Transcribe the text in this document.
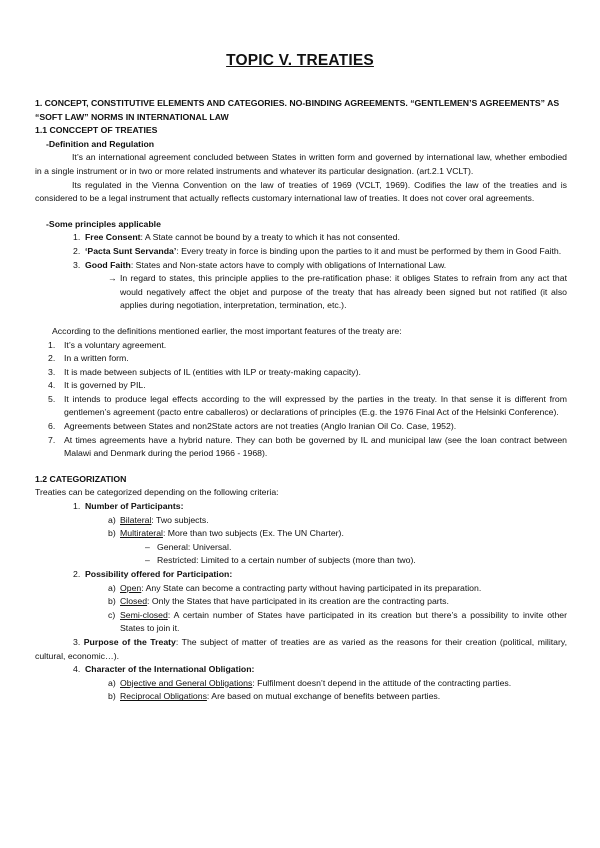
TOPIC V. TREATIES

1. CONCEPT, CONSTITUTIVE ELEMENTS AND CATEGORIES. NO-BINDING AGREEMENTS. “GENTLEMEN’S AGREEMENTS” AS “SOFT LAW” NORMS IN INTERNATIONAL LAW

1.1 CONCCEPT OF TREATIES

-Definition and Regulation

It’s an international agreement concluded between States in written form and governed by international law, whether embodied in a single instrument or in two or more related instruments and whatever its particular designation. (art.2.1 VCLT).

Its regulated in the Vienna Convention on the law of treaties of 1969 (VCLT, 1969). Codifies the law of the treaties and is considered to be a legal instrument that actually reflects customary international law of treaties. It does not cover oral agreements.

-Some principles applicable

1. Free Consent: A State cannot be bound by a treaty to which it has not consented.
2. ‘Pacta Sunt Servanda’: Every treaty in force is binding upon the parties to it and must be performed by them in Good Faith.
3. Good Faith: States and Non-state actors have to comply with obligations of International Law.
→ In regard to states, this principle applies to the pre-ratification phase: it obliges States to refrain from any act that would negatively affect the objet and purpose of the treaty that has already been signed but not ratified (it also applies during negotiation, interpretation, termination, etc.).

According to the definitions mentioned earlier, the most important features of the treaty are:

1.	It’s a voluntary agreement.
2.	In a written form.
3.	It is made between subjects of IL (entities with ILP or treaty-making capacity).
4.	It is governed by PIL.
5.	It intends to produce legal effects according to the will expressed by the parties in the treaty. In that sense it is different from gentlemen’s agreement (pacto entre caballeros) or declarations of principles (E.g. the 1976 Final Act of the Helsinki Conference).
6.	Agreements between States and non2State actors are not treaties (Anglo Iranian Oil Co. Case, 1952).
7.	At times agreements have a hybrid nature. They can both be governed by IL and municipal law (see the loan contract between Malawi and Denmark during the period 1966 - 1968).

1.2 CATEGORIZATION

Treaties can be categorized depending on the following criteria:

1. Number of Participants:
a) Bilateral: Two subjects.
b) Multirateral: More than two subjects (Ex. The UN Charter).
– General: Universal.
– Restricted: Limited to a certain number of subjects (more than two).
2. Possibility offered for Participation:
a) Open: Any State can become a contracting party without having participated in its preparation.
b) Closed: Only the States that have participated in its creation are the contracting parts.
c) Semi-closed: A certain number of States have participated in its creation but there’s a possibility to invite other States to join it.

3. Purpose of the Treaty: The subject of matter of treaties are as varied as the reasons for their creation (political, military, cultural, economic…).

4. Character of the International Obligation:
a) Objective and General Obligations: Fulfilment doesn’t depend in the attitude of the contracting parties.
b) Reciprocal Obligations: Are based on mutual exchange of benefits between parties.
